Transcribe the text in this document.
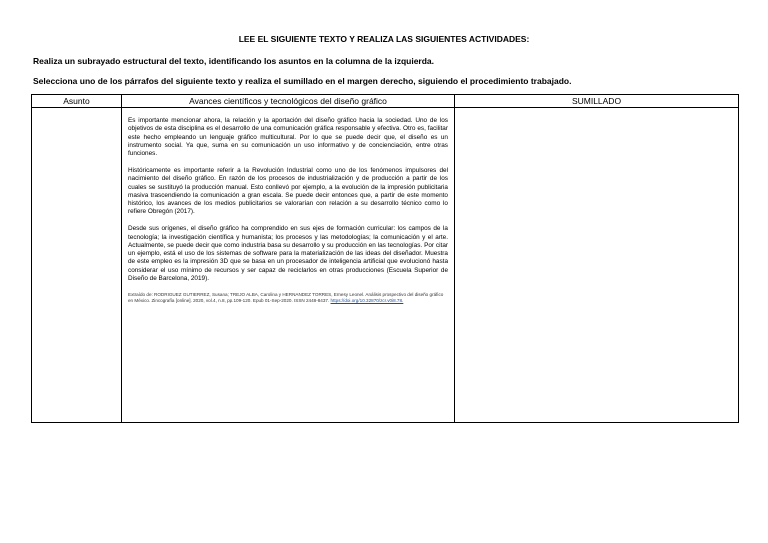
LEE EL SIGUIENTE TEXTO Y REALIZA LAS SIGUIENTES ACTIVIDADES:
Realiza un subrayado estructural del texto, identificando los asuntos en la columna de la izquierda.
Selecciona uno de los párrafos del siguiente texto y realiza el sumillado en el margen derecho, siguiendo el procedimiento trabajado.
Asunto	Avances científicos y tecnológicos del diseño gráfico	SUMILLADO

	Es importante mencionar ahora, la relación y la aportación del diseño gráfico hacia la sociedad. Uno de los objetivos de esta disciplina es el desarrollo de una comunicación gráfica responsable y efectiva. Otro es, facilitar este hecho empleando un lenguaje gráfico multicultural. Por lo que se puede decir que, el diseño es un instrumento social. Ya que, suma en su comunicación un uso informativo y de concienciación, entre otras funciones.

Históricamente es importante referir a la Revolución Industrial como uno de los fenómenos impulsores del nacimiento del diseño gráfico. En razón de los procesos de industrialización y de producción a partir de los cuales se sustituyó la producción manual. Esto conllevó por ejemplo, a la evolución de la impresión publicitaria masiva trascendiendo la comunicación a gran escala. Se puede decir entonces que, a partir de este momento histórico, los avances de los medios publicitarios se valorarían con relación a su desarrollo técnico como lo refiere Obregón (2017).

Desde sus orígenes, el diseño gráfico ha comprendido en sus ejes de formación curricular: los campos de la tecnología; la investigación científica y humanista; los procesos y las metodologías; la comunicación y el arte. Actualmente, se puede decir que como industria basa su desarrollo y su producción en las tecnologías. Por citar un ejemplo, está el uso de los sistemas de software para la materialización de las ideas del diseñador. Muestra de este empleo es la impresión 3D que se basa en un procesador de inteligencia artificial que evolucionó hasta considerar el uso mínimo de recursos y ser capaz de reciclarlos en otras producciones (Escuela Superior de Diseño de Barcelona, 2019).

Extraído de: RODRIGUEZ GUTIERREZ, Susana; TREJO ALBA, Carolina y HERNANDEZ TORRES, Ernesy Leonel. Análisis prospectivo del diseño gráfico en México. Zincografía [online]. 2020, vol.4, n.8, pp.109-120. Epub 01-Sep-2020. ISSN 2448-8437. https://doi.org/10.32870/zcr.v0i8.78.	
